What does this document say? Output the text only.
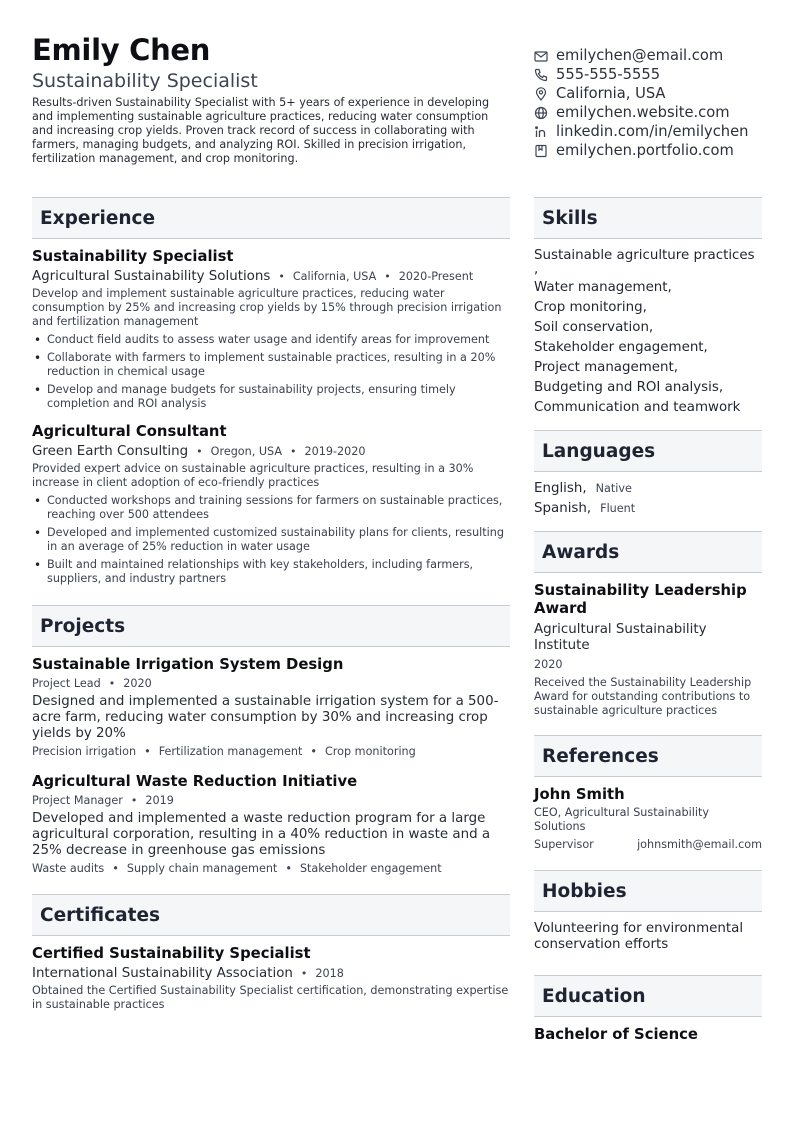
Emily Chen
Sustainability Specialist
Results-driven Sustainability Specialist with 5+ years of experience in developing and implementing sustainable agriculture practices, reducing water consumption and increasing crop yields. Proven track record of success in collaborating with farmers, managing budgets, and analyzing ROI. Skilled in precision irrigation, fertilization management, and crop monitoring.
emilychen@email.com
555-555-5555
California, USA
emilychen.website.com
linkedin.com/in/emilychen
emilychen.portfolio.com
Experience
Sustainability Specialist
Agricultural Sustainability Solutions • California, USA • 2020-Present
Develop and implement sustainable agriculture practices, reducing water consumption by 25% and increasing crop yields by 15% through precision irrigation and fertilization management
• Conduct field audits to assess water usage and identify areas for improvement
• Collaborate with farmers to implement sustainable practices, resulting in a 20% reduction in chemical usage
• Develop and manage budgets for sustainability projects, ensuring timely completion and ROI analysis
Agricultural Consultant
Green Earth Consulting • Oregon, USA • 2019-2020
Provided expert advice on sustainable agriculture practices, resulting in a 30% increase in client adoption of eco-friendly practices
• Conducted workshops and training sessions for farmers on sustainable practices, reaching over 500 attendees
• Developed and implemented customized sustainability plans for clients, resulting in an average of 25% reduction in water usage
• Built and maintained relationships with key stakeholders, including farmers, suppliers, and industry partners
Projects
Sustainable Irrigation System Design
Project Lead • 2020
Designed and implemented a sustainable irrigation system for a 500-acre farm, reducing water consumption by 30% and increasing crop yields by 20%
Precision irrigation • Fertilization management • Crop monitoring
Agricultural Waste Reduction Initiative
Project Manager • 2019
Developed and implemented a waste reduction program for a large agricultural corporation, resulting in a 40% reduction in waste and a 25% decrease in greenhouse gas emissions
Waste audits • Supply chain management • Stakeholder engagement
Certificates
Certified Sustainability Specialist
International Sustainability Association • 2018
Obtained the Certified Sustainability Specialist certification, demonstrating expertise in sustainable practices
Skills
Sustainable agriculture practices
,
Water management,
Crop monitoring,
Soil conservation,
Stakeholder engagement,
Project management,
Budgeting and ROI analysis,
Communication and teamwork
Languages
English, Native
Spanish, Fluent
Awards
Sustainability Leadership Award
Agricultural Sustainability Institute
2020
Received the Sustainability Leadership Award for outstanding contributions to sustainable agriculture practices
References
John Smith
CEO, Agricultural Sustainability Solutions
Supervisor	johnsmith@email.com
Hobbies
Volunteering for environmental conservation efforts
Education
Bachelor of Science
